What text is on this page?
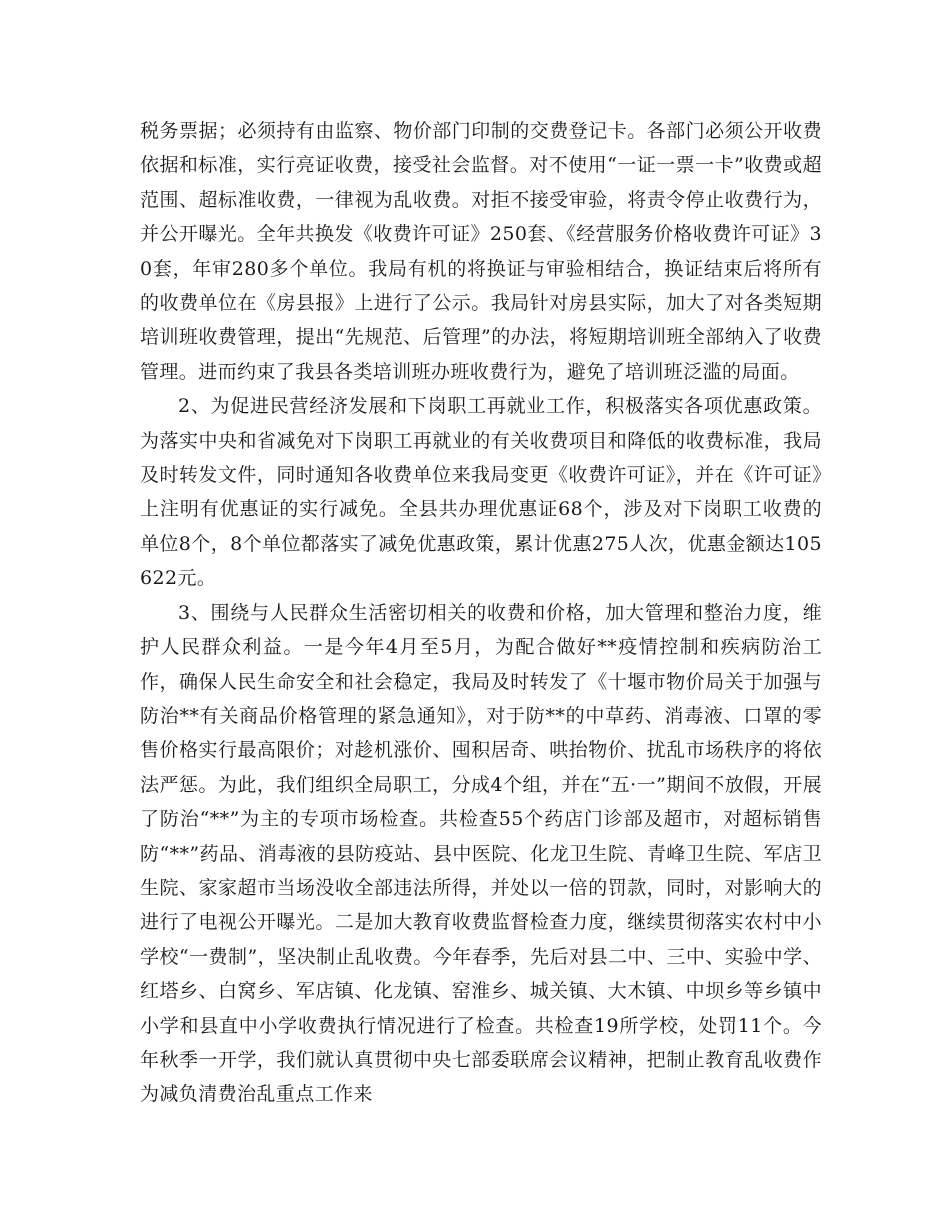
税务票据；必须持有由监察、物价部门印制的交费登记卡。各部门必须公开收费依据和标准，实行亮证收费，接受社会监督。对不使用“一证一票一卡”收费或超范围、超标准收费，一律视为乱收费。对拒不接受审验，将责令停止收费行为，并公开曝光。全年共换发《收费许可证》250套、《经营服务价格收费许可证》30套，年审280多个单位。我局有机的将换证与审验相结合，换证结束后将所有的收费单位在《房县报》上进行了公示。我局针对房县实际，加大了对各类短期培训班收费管理，提出“先规范、后管理”的办法，将短期培训班全部纳入了收费管理。进而约束了我县各类培训班办班收费行为，避免了培训班泛滥的局面。

2、为促进民营经济发展和下岗职工再就业工作，积极落实各项优惠政策。为落实中央和省减免对下岗职工再就业的有关收费项目和降低的收费标准，我局及时转发文件，同时通知各收费单位来我局变更《收费许可证》，并在《许可证》上注明有优惠证的实行减免。全县共办理优惠证68个，涉及对下岗职工收费的单位8个，8个单位都落实了减免优惠政策，累计优惠275人次，优惠金额达105622元。

3、围绕与人民群众生活密切相关的收费和价格，加大管理和整治力度，维护人民群众利益。一是今年4月至5月，为配合做好**疫情控制和疾病防治工作，确保人民生命安全和社会稳定，我局及时转发了《十堰市物价局关于加强与防治**有关商品价格管理的紧急通知》，对于防**的中草药、消毒液、口罩的零售价格实行最高限价；对趁机涨价、囤积居奇、哄抬物价、扰乱市场秩序的将依法严惩。为此，我们组织全局职工，分成4个组，并在“五·一”期间不放假，开展了防治“**”为主的专项市场检查。共检查55个药店门诊部及超市，对超标销售防“**”药品、消毒液的县防疫站、县中医院、化龙卫生院、青峰卫生院、军店卫生院、家家超市当场没收全部违法所得，并处以一倍的罚款，同时，对影响大的进行了电视公开曝光。二是加大教育收费监督检查力度，继续贯彻落实农村中小学校“一费制”，坚决制止乱收费。今年春季，先后对县二中、三中、实验中学、红塔乡、白窝乡、军店镇、化龙镇、窑淮乡、城关镇、大木镇、中坝乡等乡镇中小学和县直中小学收费执行情况进行了检查。共检查19所学校，处罚11个。今年秋季一开学，我们就认真贯彻中央七部委联席会议精神，把制止教育乱收费作为减负清费治乱重点工作来
